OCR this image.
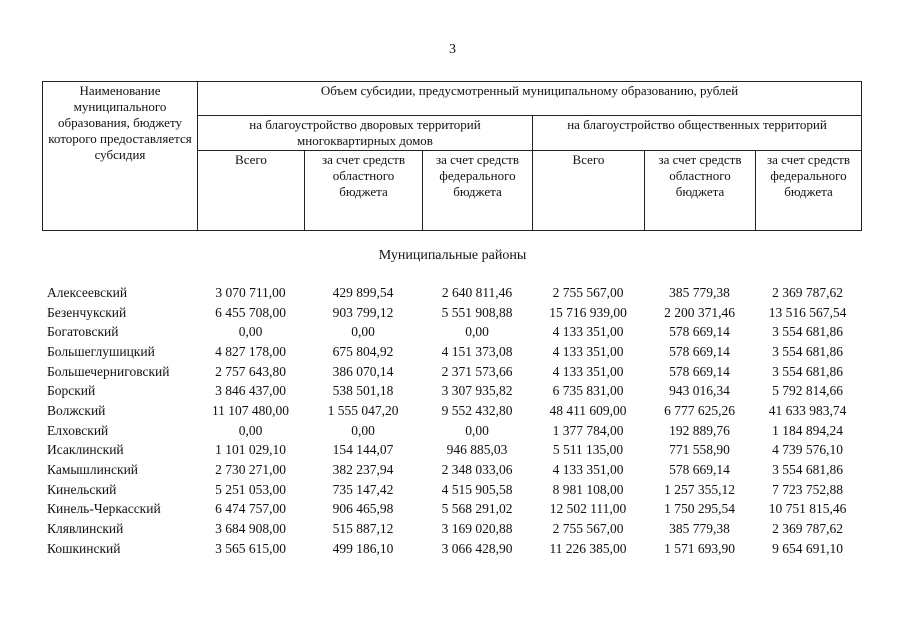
3
Наименование муниципального образования, бюджету которого предоставляется субсидия	Объем субсидии, предусмотренный муниципальному образованию, рублей					
	на благоустройство дворовых территорий многоквартирных домов			на благоустройство общественных территорий		
	Всего	за счет средств областного бюджета	за счет средств федерального бюджета	Всего	за счет средств областного бюджета	за счет средств федерального бюджета
Муниципальные районы
Алексеевский	3 070 711,00	429 899,54	2 640 811,46	2 755 567,00	385 779,38	2 369 787,62
Безенчукский	6 455 708,00	903 799,12	5 551 908,88	15 716 939,00	2 200 371,46	13 516 567,54
Богатовский	0,00	0,00	0,00	4 133 351,00	578 669,14	3 554 681,86
Большеглушицкий	4 827 178,00	675 804,92	4 151 373,08	4 133 351,00	578 669,14	3 554 681,86
Большечерниговский	2 757 643,80	386 070,14	2 371 573,66	4 133 351,00	578 669,14	3 554 681,86
Борский	3 846 437,00	538 501,18	3 307 935,82	6 735 831,00	943 016,34	5 792 814,66
Волжский	11 107 480,00	1 555 047,20	9 552 432,80	48 411 609,00	6 777 625,26	41 633 983,74
Елховский	0,00	0,00	0,00	1 377 784,00	192 889,76	1 184 894,24
Исаклинский	1 101 029,10	154 144,07	946 885,03	5 511 135,00	771 558,90	4 739 576,10
Камышлинский	2 730 271,00	382 237,94	2 348 033,06	4 133 351,00	578 669,14	3 554 681,86
Кинельский	5 251 053,00	735 147,42	4 515 905,58	8 981 108,00	1 257 355,12	7 723 752,88
Кинель-Черкасский	6 474 757,00	906 465,98	5 568 291,02	12 502 111,00	1 750 295,54	10 751 815,46
Клявлинский	3 684 908,00	515 887,12	3 169 020,88	2 755 567,00	385 779,38	2 369 787,62
Кошкинский	3 565 615,00	499 186,10	3 066 428,90	11 226 385,00	1 571 693,90	9 654 691,10
